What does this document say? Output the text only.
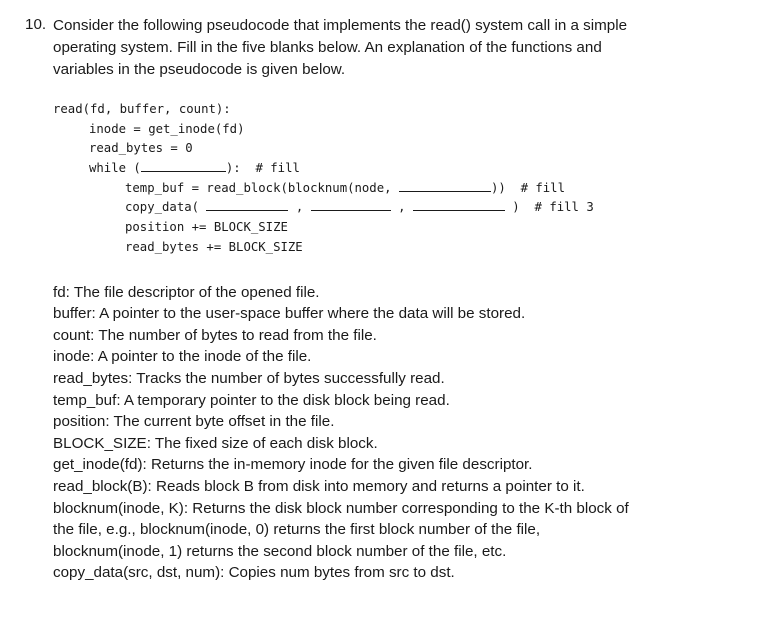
10. Consider the following pseudocode that implements the read() system call in a simple
operating system. Fill in the five blanks below. An explanation of the functions and
variables in the pseudocode is given below.
read(fd, buffer, count):
inode = get_inode(fd)
read_bytes = 0
while (	): # fill
temp_buf = read_block(blocknum(node,	)) # fill
copy_data(	,	,	) # fill 3
position += BLOCK_SIZE
read_bytes += BLOCK_SIZE
fd: The file descriptor of the opened file.
buffer: A pointer to the user-space buffer where the data will be stored.
count: The number of bytes to read from the file.
inode: A pointer to the inode of the file.
read_bytes: Tracks the number of bytes successfully read.
temp_buf: A temporary pointer to the disk block being read.
position: The current byte offset in the file.
BLOCK_SIZE: The fixed size of each disk block.
get_inode(fd): Returns the in-memory inode for the given file descriptor.
read_block(B): Reads block B from disk into memory and returns a pointer to it.
blocknum(inode, K): Returns the disk block number corresponding to the K-th block of
the file, e.g., blocknum(inode, 0) returns the first block number of the file,
blocknum(inode, 1) returns the second block number of the file, etc.
copy_data(src, dst, num): Copies num bytes from src to dst.
